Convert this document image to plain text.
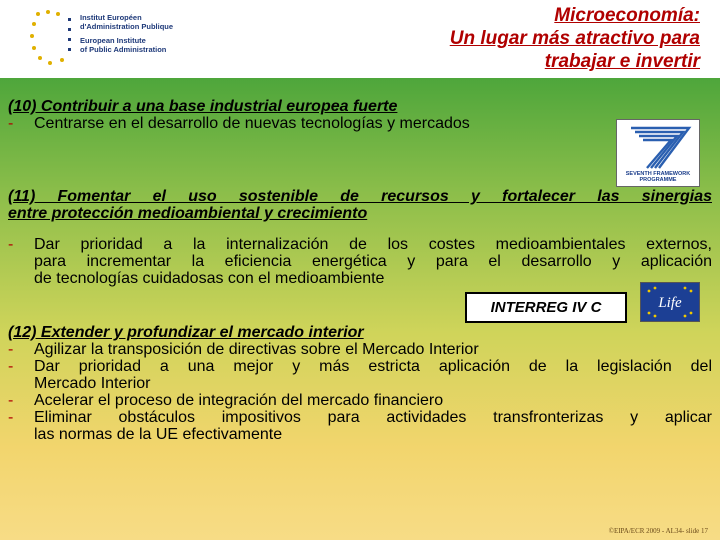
Institut Européen
d'Administration Publique
European Institute
of Public Administration
Microeconomía:
Un lugar más atractivo para
trabajar e invertir
(10) Contribuir a una base industrial europea fuerte
- Centrarse en el desarrollo de nuevas tecnologías y mercados
SEVENTH FRAMEWORK
PROGRAMME
(11) Fomentar el uso sostenible de recursos y fortalecer las sinergias
entre protección medioambiental y crecimiento
- Dar prioridad a la internalización de los costes medioambientales externos,
para incrementar la eficiencia energética y para el desarrollo y aplicación
de tecnologías cuidadosas con el medioambiente
INTERREG IV C	Life
(12) Extender y profundizar el mercado interior
- Agilizar la transposición de directivas sobre el Mercado Interior
- Dar prioridad a una mejor y más estricta aplicación de la legislación del
Mercado Interior
- Acelerar el proceso de integración del mercado financiero
- Eliminar obstáculos impositivos para actividades transfronterizas y aplicar
las normas de la UE efectivamente
©EIPA/ECR 2009 - AL34- slide 17
